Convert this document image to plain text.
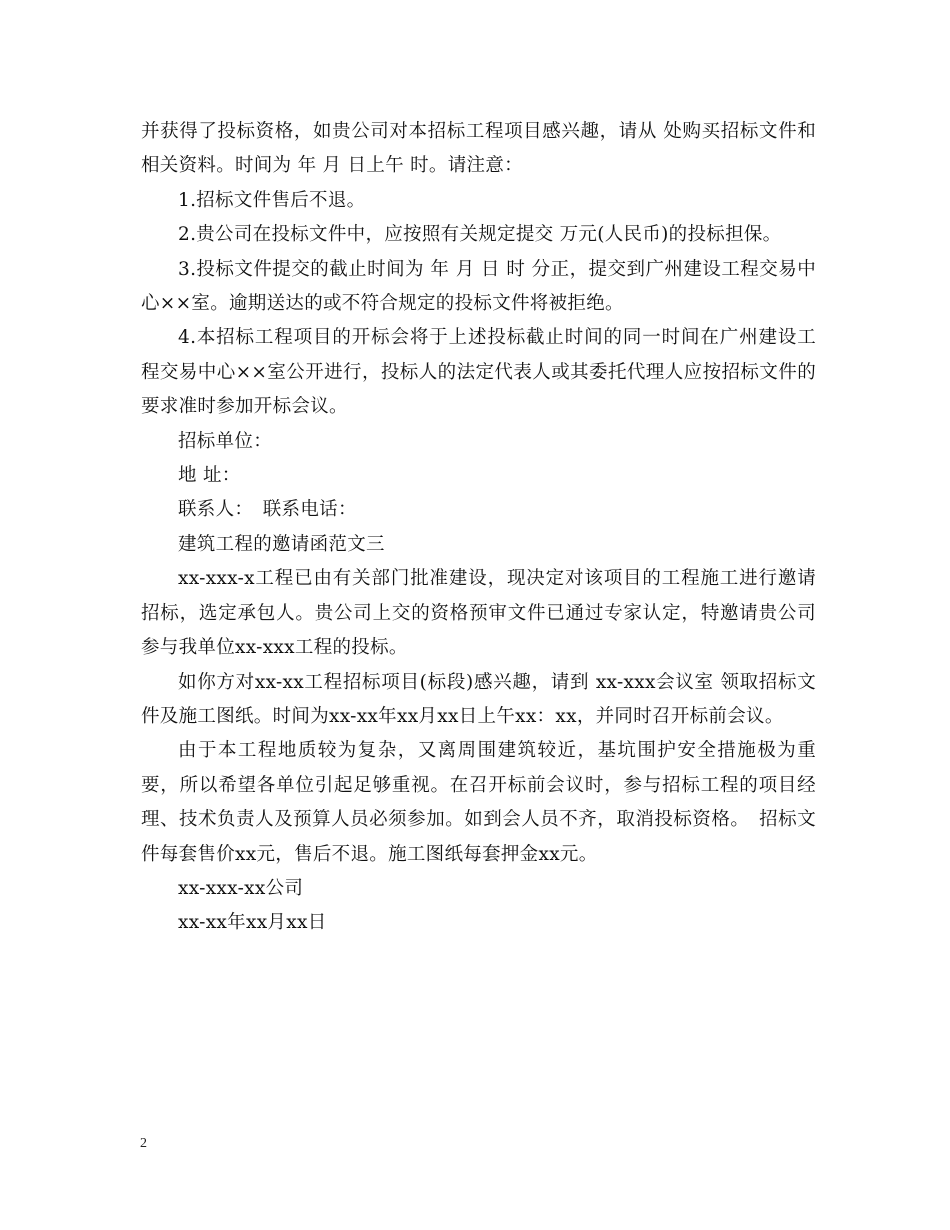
并获得了投标资格，如贵公司对本招标工程项目感兴趣，请从 处购买招标文件和相关资料。时间为 年 月 日上午 时。请注意：

1.招标文件售后不退。

2.贵公司在投标文件中，应按照有关规定提交 万元(人民币)的投标担保。

3.投标文件提交的截止时间为 年 月 日 时 分正，提交到广州建设工程交易中心××室。逾期送达的或不符合规定的投标文件将被拒绝。

4.本招标工程项目的开标会将于上述投标截止时间的同一时间在广州建设工程交易中心××室公开进行，投标人的法定代表人或其委托代理人应按招标文件的要求准时参加开标会议。

招标单位：

地 址：

联系人：　联系电话：

建筑工程的邀请函范文三

xx-xxx-x工程已由有关部门批准建设，现决定对该项目的工程施工进行邀请招标，选定承包人。贵公司上交的资格预审文件已通过专家认定，特邀请贵公司参与我单位xx-xxx工程的投标。

如你方对xx-xx工程招标项目(标段)感兴趣，请到 xx-xxx会议室 领取招标文件及施工图纸。时间为xx-xx年xx月xx日上午xx：xx，并同时召开标前会议。

由于本工程地质较为复杂，又离周围建筑较近，基坑围护安全措施极为重要，所以希望各单位引起足够重视。在召开标前会议时，参与招标工程的项目经理、技术负责人及预算人员必须参加。如到会人员不齐，取消投标资格。　招标文件每套售价xx元，售后不退。施工图纸每套押金xx元。

xx-xxx-xx公司

xx-xx年xx月xx日

2
